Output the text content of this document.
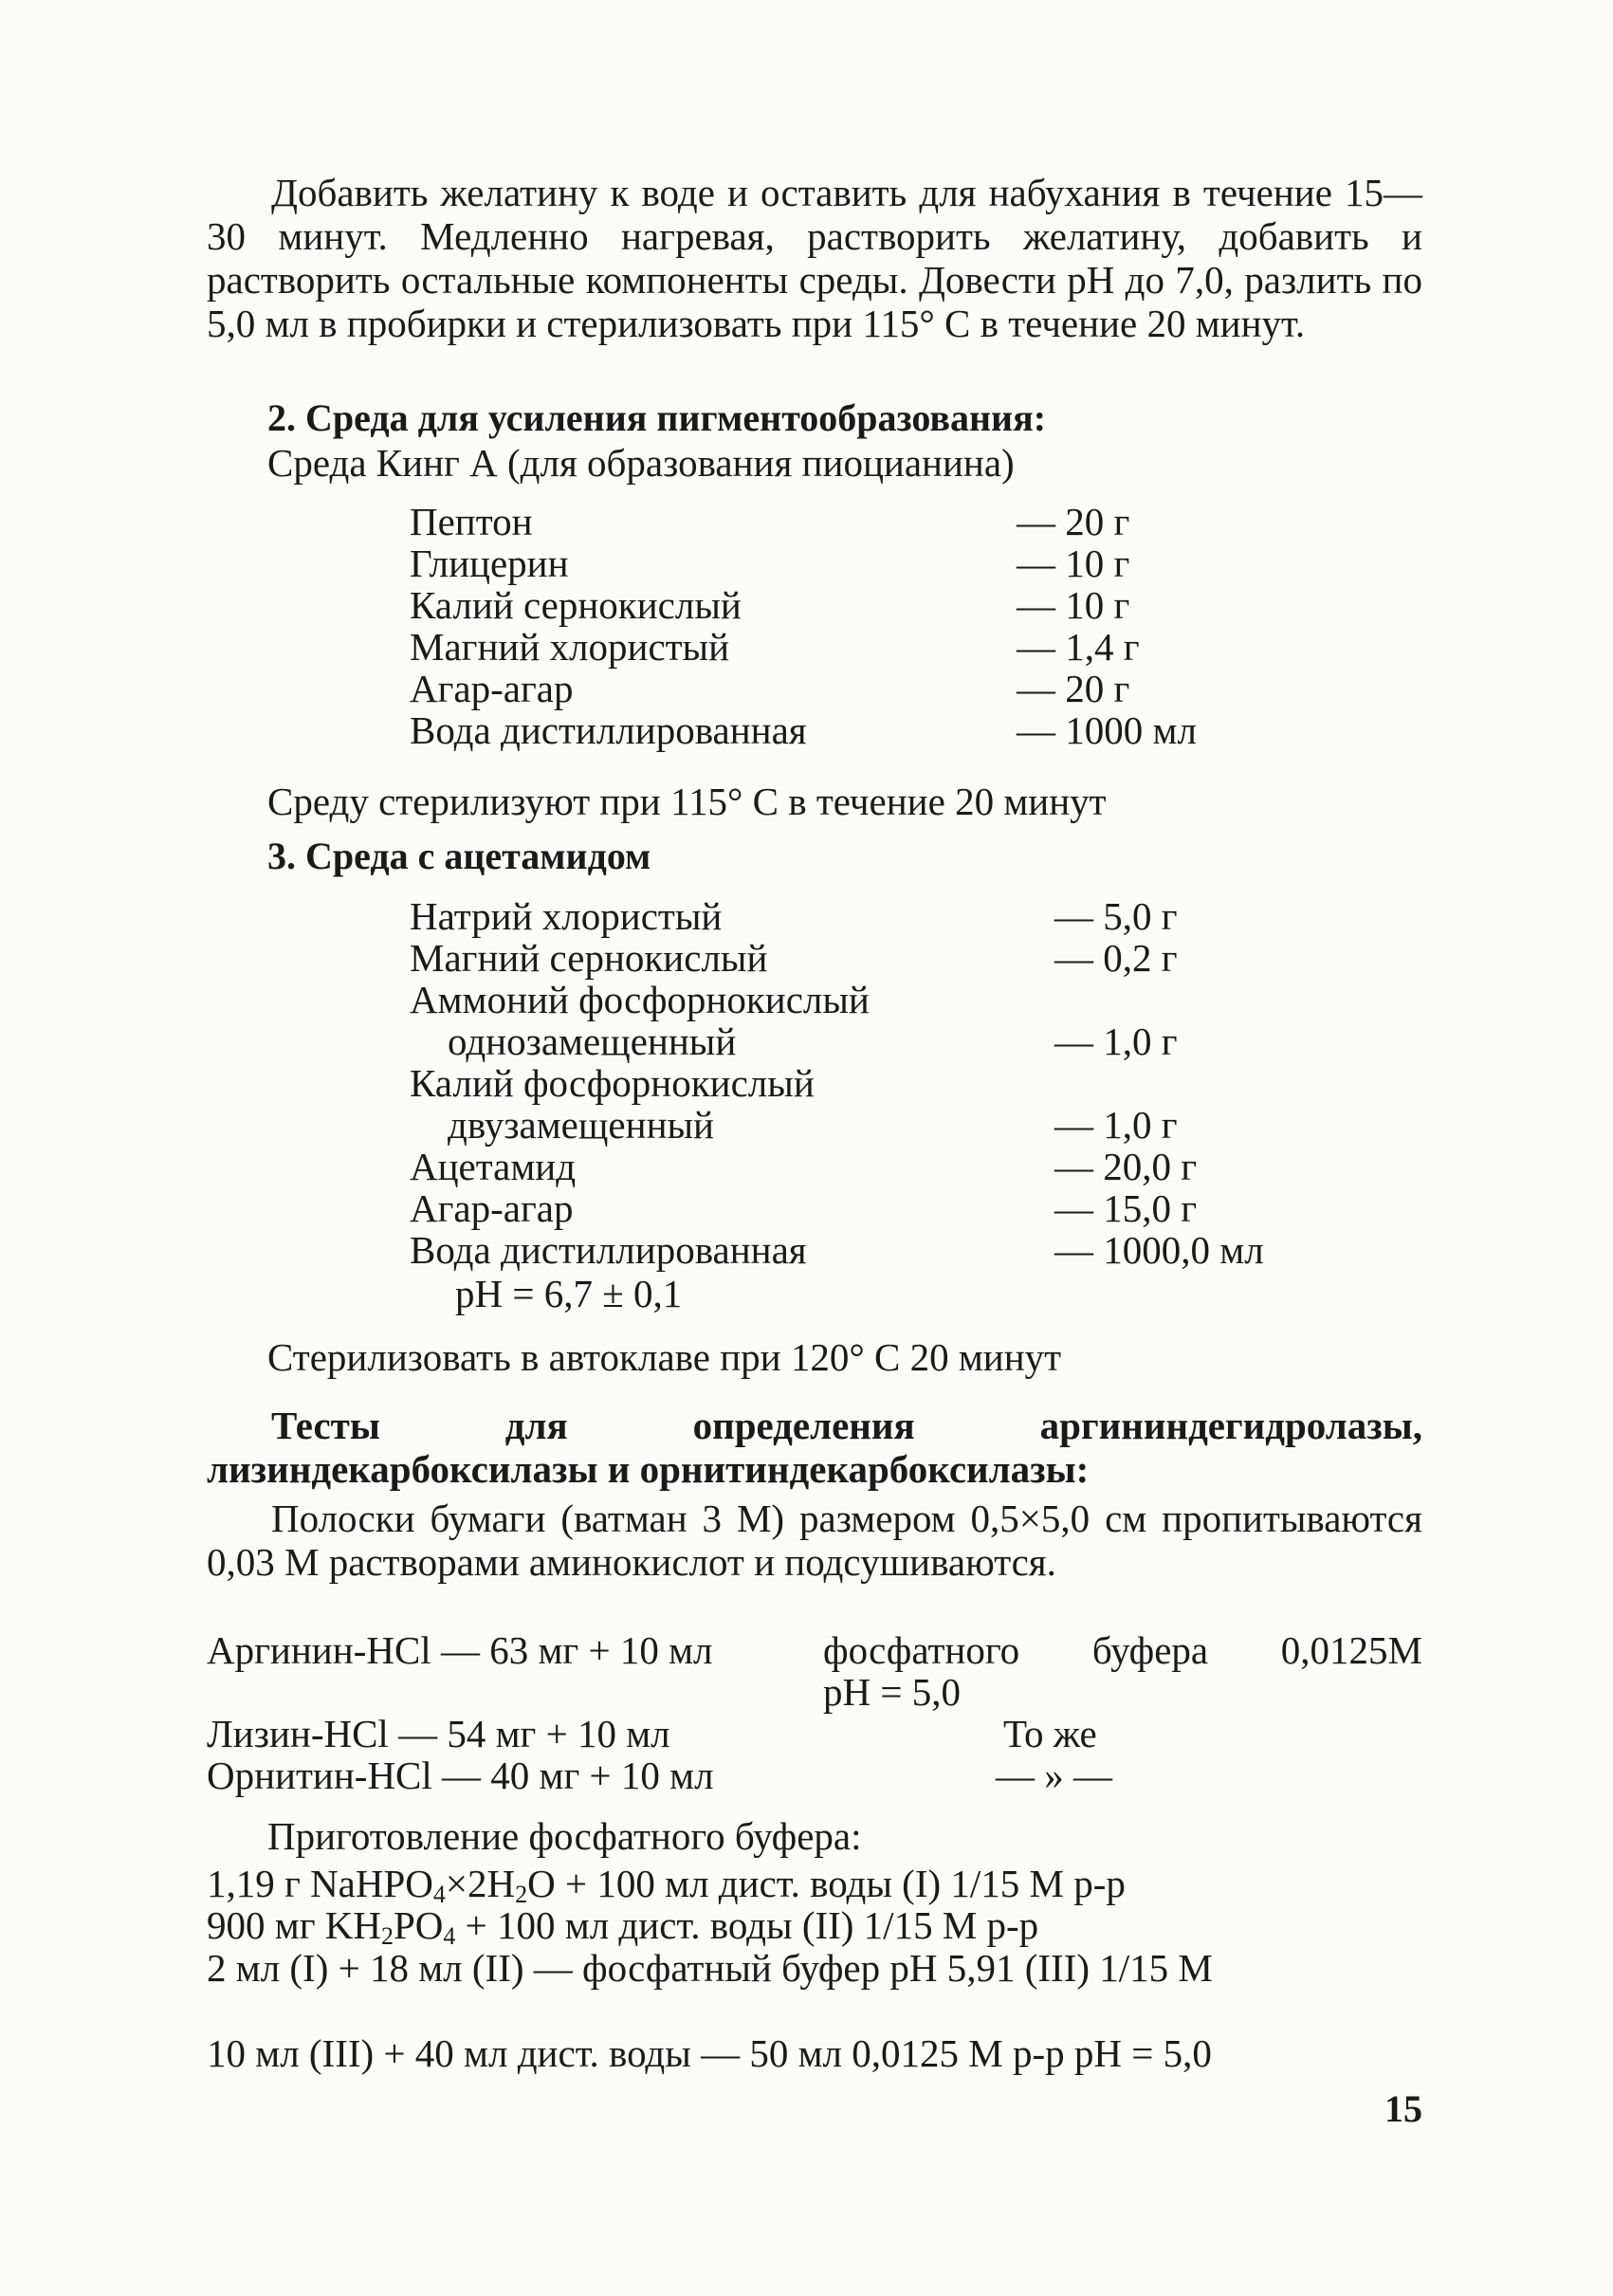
Добавить желатину к воде и оставить для набухания в течение 15—30 минут. Медленно нагревая, растворить желатину, добавить и растворить остальные компоненты среды. Довести pH до 7,0, разлить по 5,0 мл в пробирки и стерилизовать при 115° С в течение 20 минут.

2. Среда для усиления пигментообразования:

Среда Кинг А (для образования пиоцианина)

Пептон	— 20 г
Глицерин	— 10 г
Калий сернокислый	— 10 г
Магний хлористый	— 1,4 г
Агар-агар	— 20 г
Вода дистиллированная	— 1000 мл

Среду стерилизуют при 115° С в течение 20 минут

3. Среда с ацетамидом

Натрий хлористый	— 5,0 г
Магний сернокислый	— 0,2 г
Аммоний фосфорнокислый	
однозамещенный	— 1,0 г
Калий фосфорнокислый	
двузамещенный	— 1,0 г
Ацетамид	— 20,0 г
Агар-агар	— 15,0 г
Вода дистиллированная	— 1000,0 мл
pH = 6,7 ± 0,1

Стерилизовать в автоклаве при 120° С 20 минут

Тесты для определения аргининдегидролазы, лизиндекарбоксилазы и орнитиндекарбоксилазы:

Полоски бумаги (ватман 3 М) размером 0,5×5,0 см пропитываются 0,03 М растворами аминокислот и подсушиваются.

Аргинин-HCl — 63 мг + 10 мл	фосфатного буфера 0,0125М
pH = 5,0
Лизин-HCl — 54 мг + 10 мл	То же
Орнитин-HCl — 40 мг + 10 мл	— » —
Приготовление фосфатного буфера:
1,19 г $NaHPO_4\times 2H_2O + 100$ мл дист. воды (I) 1/15 М р-р
900 мг $KH_2PO_4 + 100$ мл дист. воды (II) 1/15 М р-р

2 мл (I) + 18 мл (II) — фосфатный буфер pH 5,91 (III) 1/15 М

10 мл (III) + 40 мл дист. воды — 50 мл 0,0125 М р-р pH = 5,0

15
